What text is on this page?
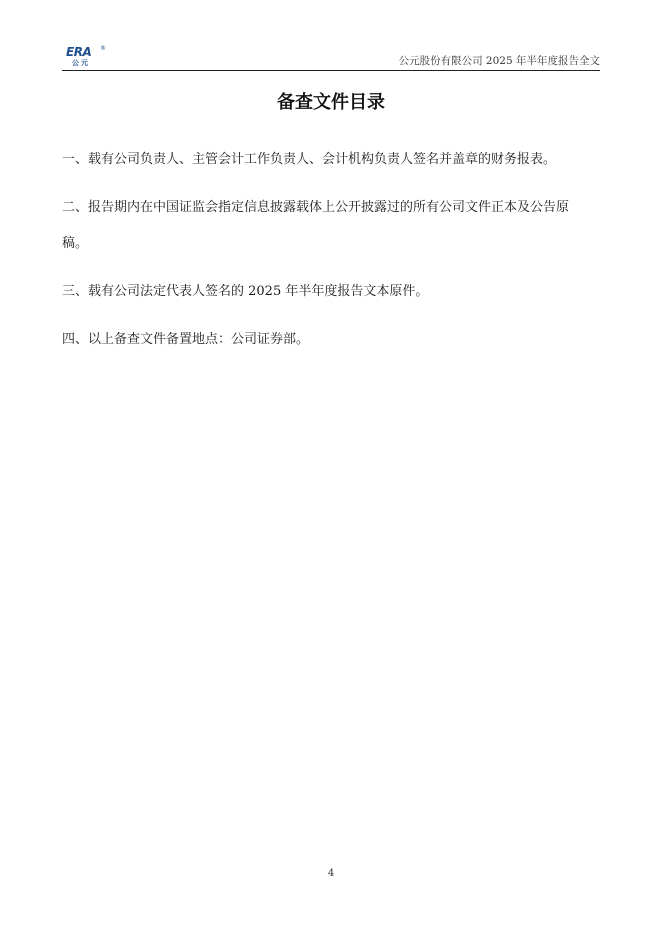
ERA ®
公元	公元股份有限公司 2025 年半年度报告全文
备查文件目录

一、载有公司负责人、主管会计工作负责人、会计机构负责人签名并盖章的财务报表。

二、报告期内在中国证监会指定信息披露载体上公开披露过的所有公司文件正本及公告原稿。

三、载有公司法定代表人签名的 2025 年半年度报告文本原件。

四、以上备查文件备置地点：公司证券部。

4
